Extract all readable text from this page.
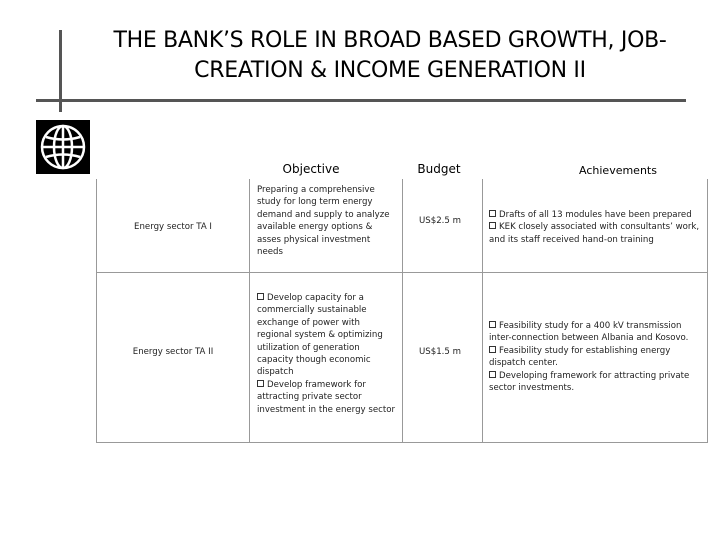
THE BANK’S ROLE IN BROAD BASED GROWTH, JOB-
CREATION & INCOME GENERATION II
Objective	Budget	Achievements
Energy sector TA I
Preparing a comprehensive study for long term energy demand and supply to analyze available energy options & asses physical investment needs
US$2.5 m
Drafts of all 13 modules have been prepared
KEK closely associated with consultants’ work, and its staff received hand-on training
Energy sector TA II
Develop capacity for a commercially sustainable exchange of power with regional system & optimizing utilization of generation capacity though economic dispatch
Develop framework for attracting private sector investment in the energy sector
US$1.5 m
Feasibility study for a 400 kV transmission inter-connection between Albania and Kosovo.
Feasibility study for establishing energy dispatch center.
Developing framework for attracting private sector investments.
